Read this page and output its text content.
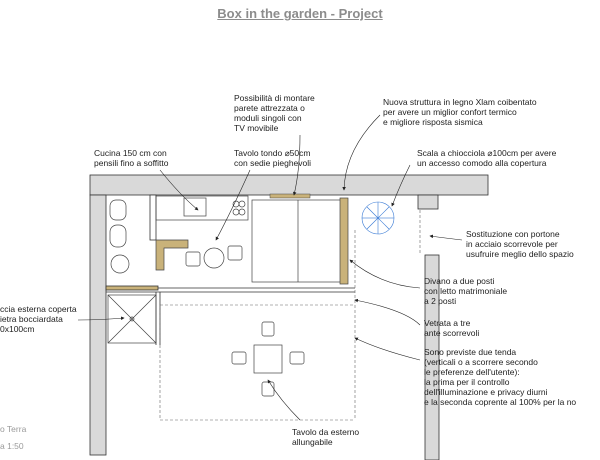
Box in the garden - Project
Possibilità di montare
parete attrezzata o
moduli singoli con
TV movibile
Nuova struttura in legno Xlam coibentato
per avere un miglior confort termico
e migliore risposta sismica
Cucina 150 cm con
pensili fino a soffitto
Tavolo tondo ⌀50cm
con sedie pieghevoli
Scala a chiocciola ⌀100cm per avere
un accesso comodo alla copertura
Sostituzione con portone
in acciaio scorrevole per
usufruire meglio dello spazio
Divano a due posti
con letto matrimoniale
a 2 posti
ccia esterna coperta
ietra bocciardata
0x100cm
Vetrata a tre
ante scorrevoli
Sono previste due tenda
(verticali o a scorrere secondo
le preferenze dell'utente):
la prima per il controllo
dell'illuminazione e privacy diurni
e la seconda coprente al 100% per la no
Tavolo da esterno
allungabile
o Terra
a 1:50
